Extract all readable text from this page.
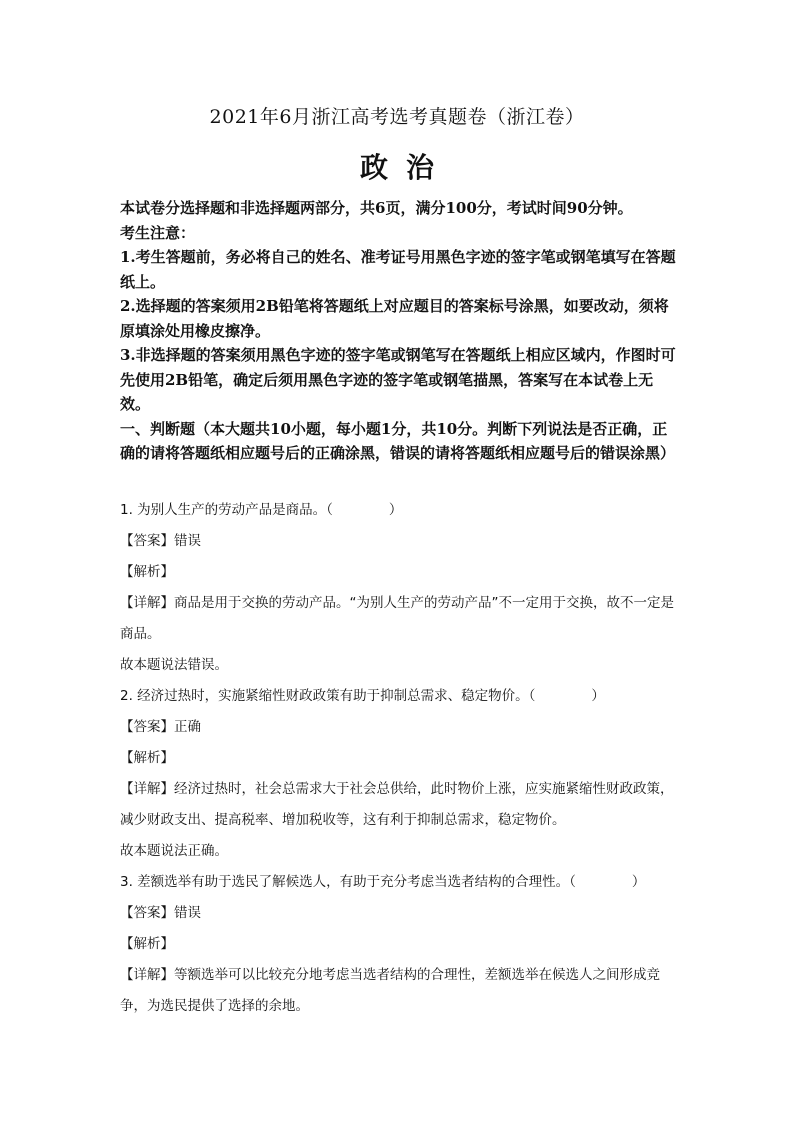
2021年6月浙江高考选考真题卷（浙江卷）
政治

本试卷分选择题和非选择题两部分，共6页，满分100分，考试时间90分钟。

考生注意：

1.考生答题前，务必将自己的姓名、准考证号用黑色字迹的签字笔或钢笔填写在答题纸上。

2.选择题的答案须用2B铅笔将答题纸上对应题目的答案标号涂黑，如要改动，须将原填涂处用橡皮擦净。

3.非选择题的答案须用黑色字迹的签字笔或钢笔写在答题纸上相应区域内，作图时可先使用2B铅笔，确定后须用黑色字迹的签字笔或钢笔描黑，答案写在本试卷上无效。

一、判断题（本大题共10小题，每小题1分，共10分。判断下列说法是否正确，正确的请将答题纸相应题号后的正确涂黑，错误的请将答题纸相应题号后的错误涂黑）

1. 为别人生产的劳动产品是商品。（	）

【答案】错误

【解析】

【详解】商品是用于交换的劳动产品。“为别人生产的劳动产品”不一定用于交换，故不一定是商品。

故本题说法错误。

2. 经济过热时，实施紧缩性财政政策有助于抑制总需求、稳定物价。（	）

【答案】正确

【解析】

【详解】经济过热时，社会总需求大于社会总供给，此时物价上涨，应实施紧缩性财政政策，减少财政支出、提高税率、增加税收等，这有利于抑制总需求，稳定物价。

故本题说法正确。

3. 差额选举有助于选民了解候选人，有助于充分考虑当选者结构的合理性。（	）

【答案】错误

【解析】

【详解】等额选举可以比较充分地考虑当选者结构的合理性，差额选举在候选人之间形成竞争，为选民提供了选择的余地。
